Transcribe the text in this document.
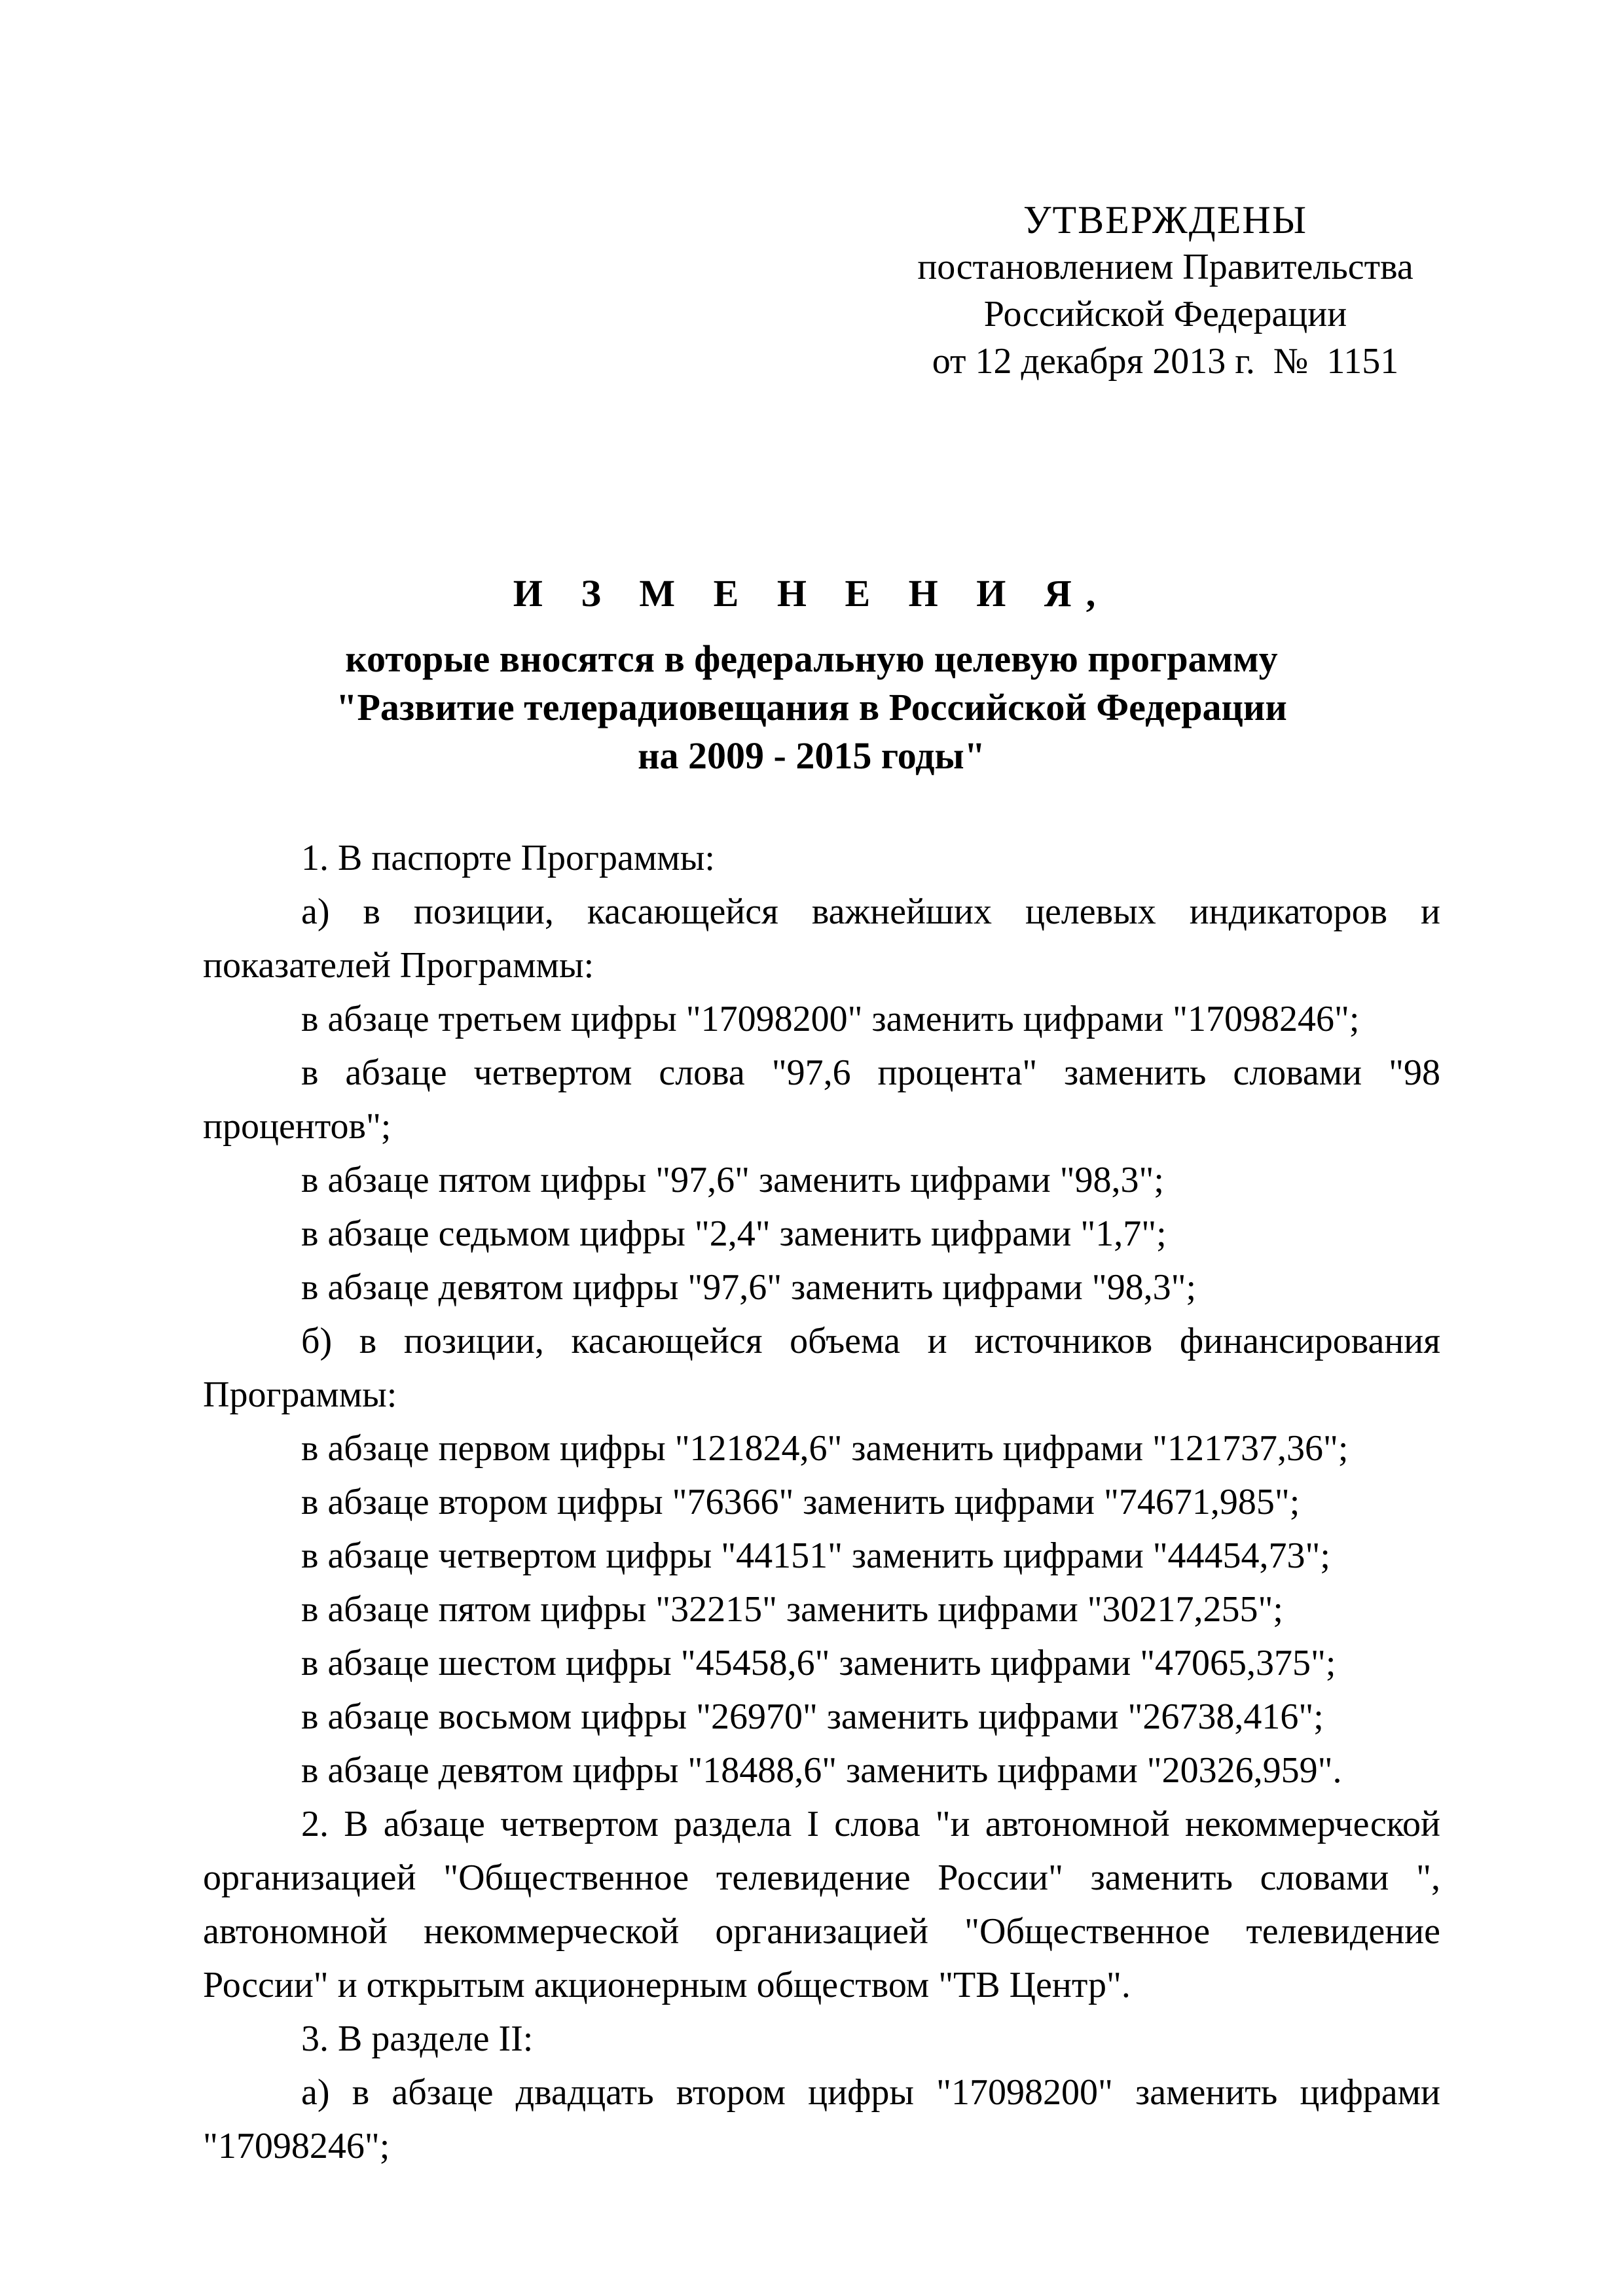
УТВЕРЖДЕНЫ
постановлением Правительства
Российской Федерации
от 12 декабря 2013 г.  №  1151
И З М Е Н Е Н И Я,
которые вносятся в федеральную целевую программу
"Развитие телерадиовещания в Российской Федерации
на 2009 - 2015 годы"

1. В паспорте Программы:

а) в позиции, касающейся важнейших целевых индикаторов и показателей Программы:

в абзаце третьем цифры "17098200" заменить цифрами "17098246";

в абзаце четвертом слова "97,6 процента" заменить словами "98 процентов";

в абзаце пятом цифры "97,6" заменить цифрами "98,3";

в абзаце седьмом цифры "2,4" заменить цифрами "1,7";

в абзаце девятом цифры "97,6" заменить цифрами "98,3";

б) в позиции, касающейся объема и источников финансирования Программы:

в абзаце первом цифры "121824,6" заменить цифрами "121737,36";

в абзаце втором цифры "76366" заменить цифрами "74671,985";

в абзаце четвертом цифры "44151" заменить цифрами "44454,73";

в абзаце пятом цифры "32215" заменить цифрами "30217,255";

в абзаце шестом цифры "45458,6" заменить цифрами "47065,375";

в абзаце восьмом цифры "26970" заменить цифрами "26738,416";

в абзаце девятом цифры "18488,6" заменить цифрами "20326,959".

2. В абзаце четвертом раздела I слова "и автономной некоммерческой организацией "Общественное телевидение России" заменить словами ", автономной некоммерческой организацией "Общественное телевидение России" и открытым акционерным обществом "ТВ Центр".

3. В разделе II:

а) в абзаце двадцать втором цифры "17098200" заменить цифрами "17098246";
